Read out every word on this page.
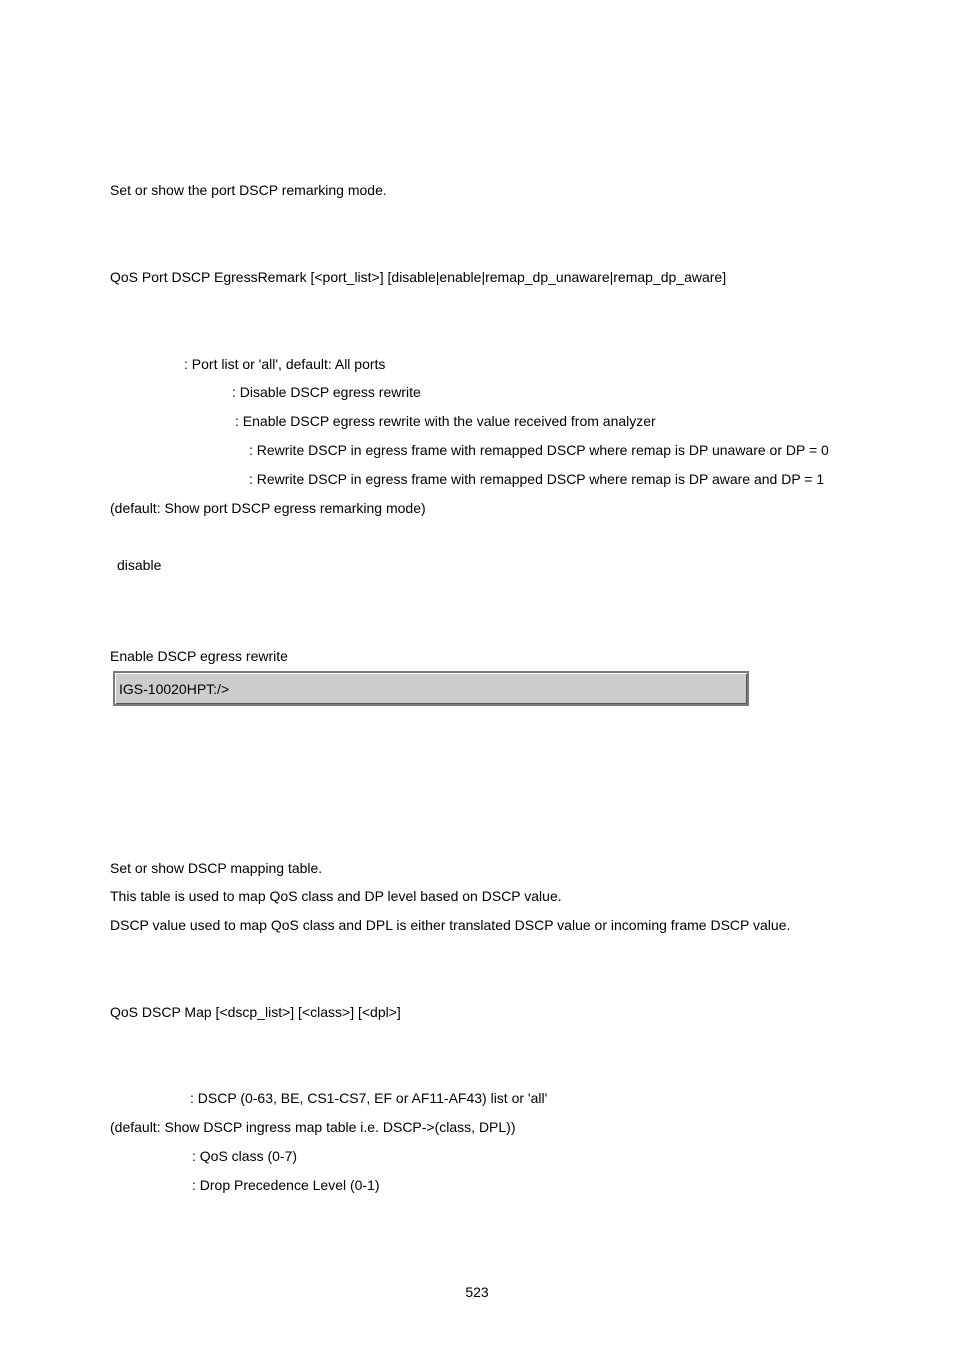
Set or show the port DSCP remarking mode.
QoS Port DSCP EgressRemark [<port_list>] [disable|enable|remap_dp_unaware|remap_dp_aware]
: Port list or 'all', default: All ports
: Disable DSCP egress rewrite
: Enable DSCP egress rewrite with the value received from analyzer
: Rewrite DSCP in egress frame with remapped DSCP where remap is DP unaware or DP = 0
: Rewrite DSCP in egress frame with remapped DSCP where remap is DP aware and DP = 1
(default: Show port DSCP egress remarking mode)
disable
Enable DSCP egress rewrite
IGS-10020HPT:/>
Set or show DSCP mapping table.
This table is used to map QoS class and DP level based on DSCP value.
DSCP value used to map QoS class and DPL is either translated DSCP value or incoming frame DSCP value.
QoS DSCP Map [<dscp_list>] [<class>] [<dpl>]
: DSCP (0-63, BE, CS1-CS7, EF or AF11-AF43) list or 'all'
(default: Show DSCP ingress map table i.e. DSCP->(class, DPL))
: QoS class (0-7)
: Drop Precedence Level (0-1)
523
